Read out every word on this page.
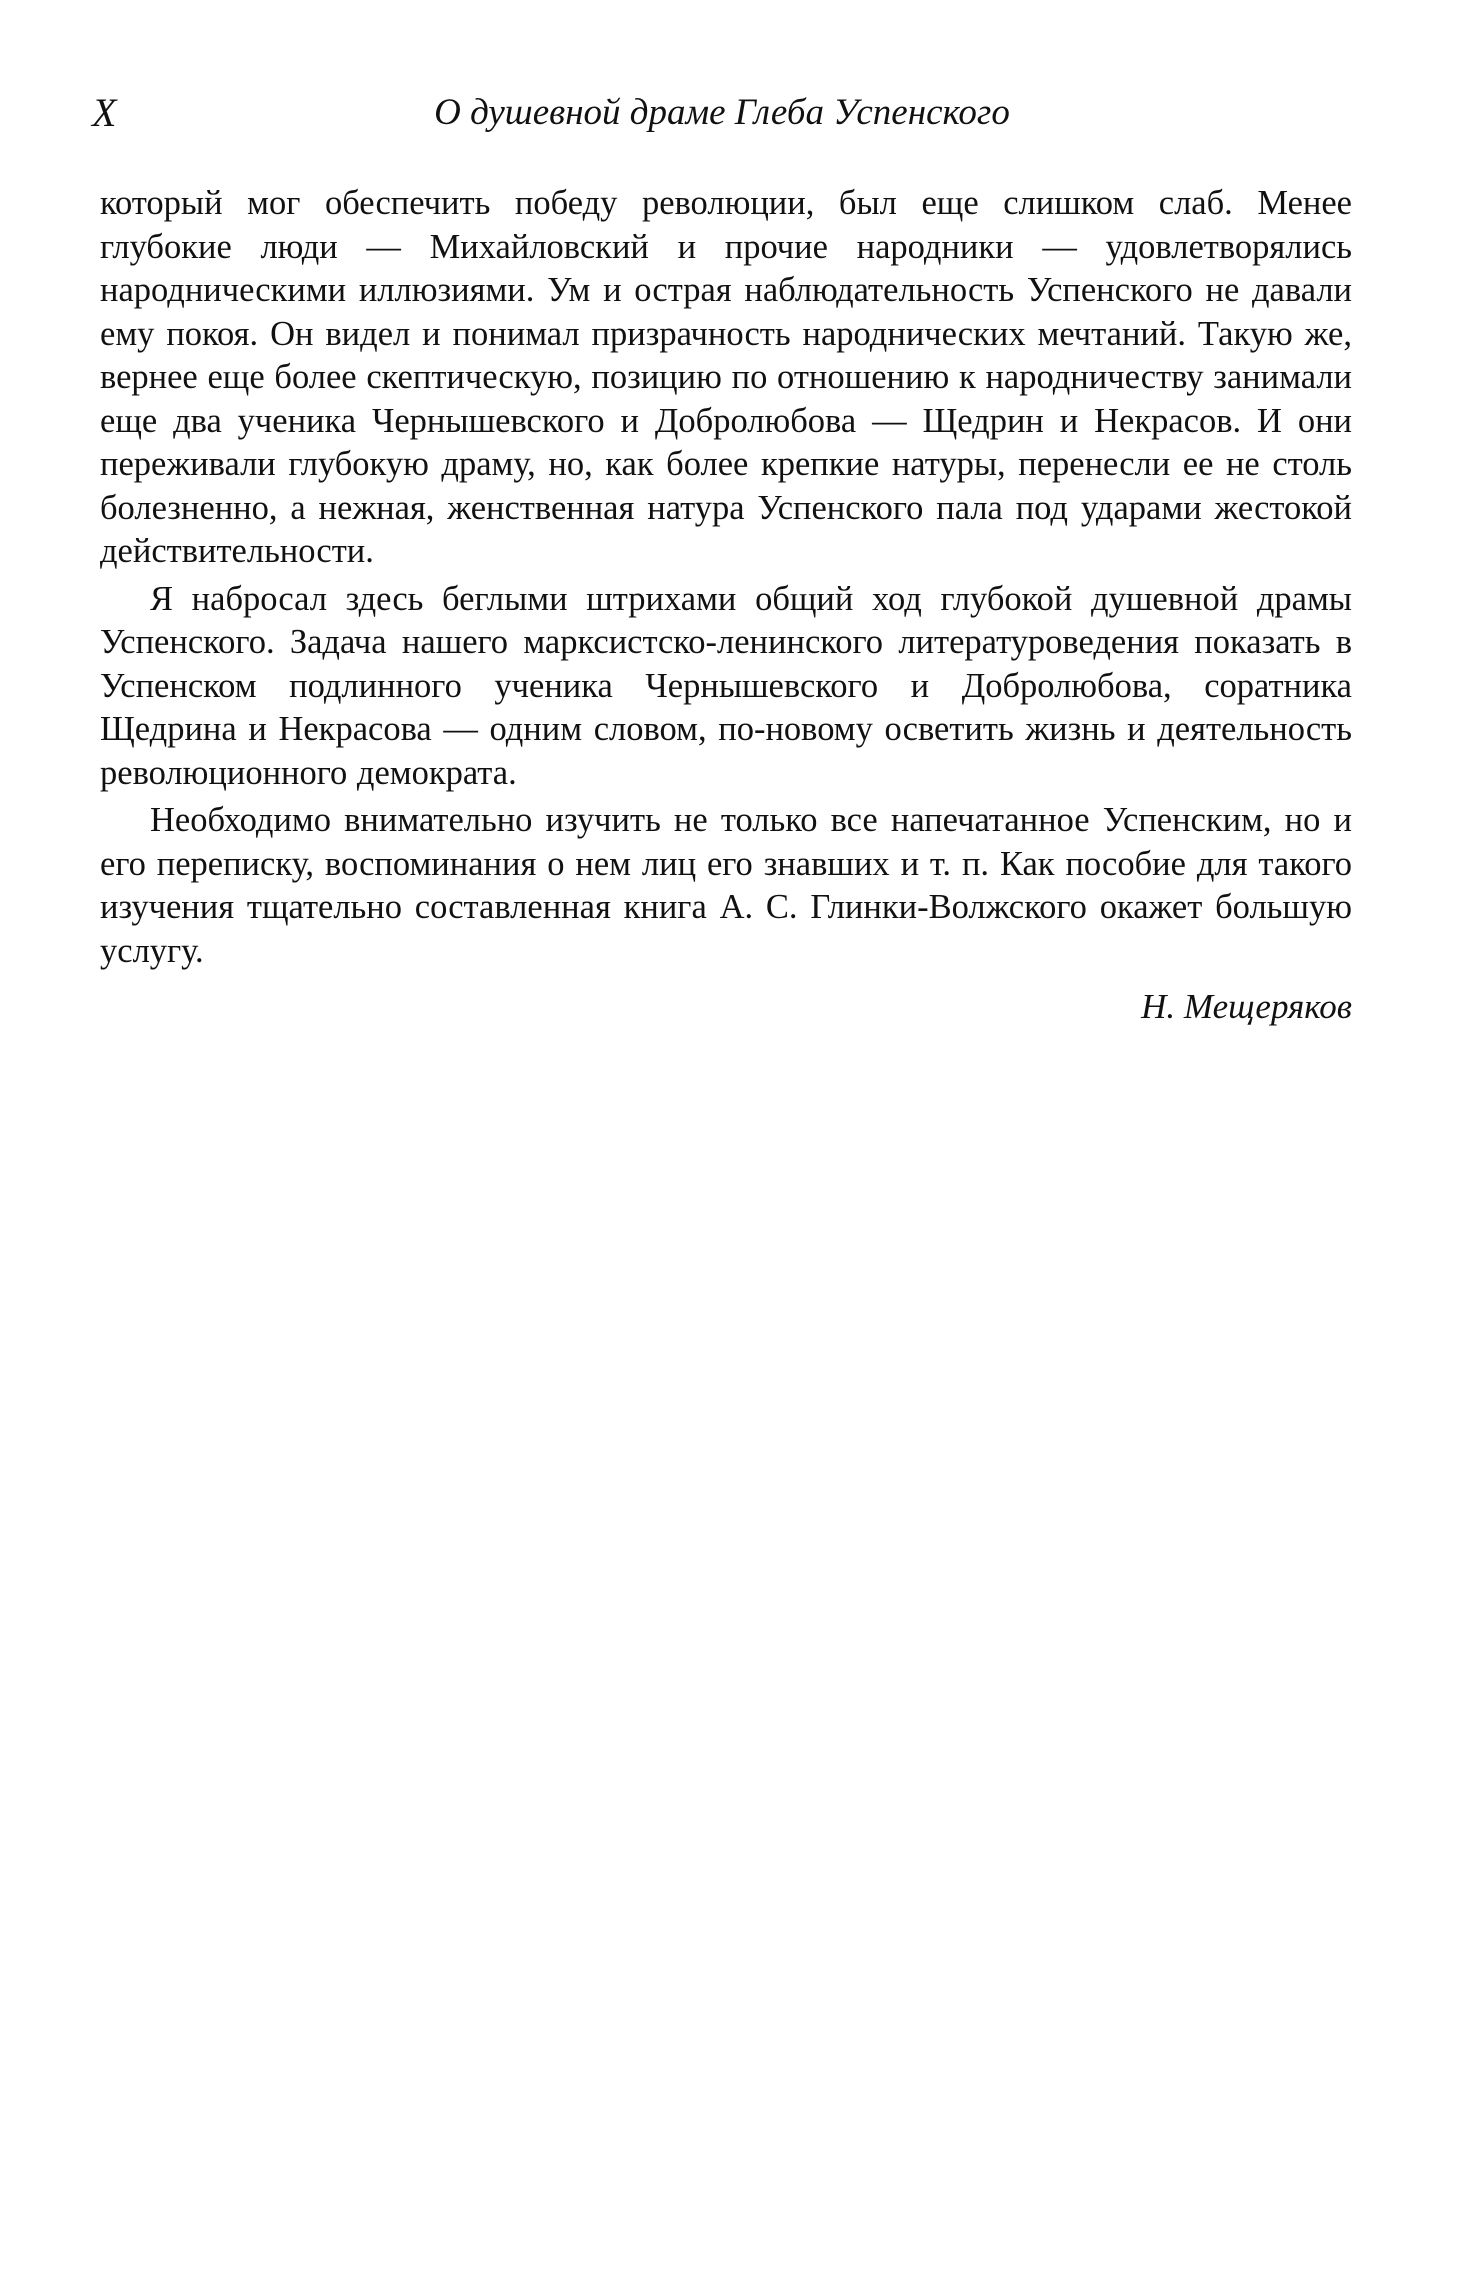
X	О душевной драме Глеба Успенского

который мог обеспечить победу революции, был еще слишком слаб. Менее глубокие люди — Михайловский и прочие народники — удовлетворялись народническими иллюзиями. Ум и острая наблюдательность Успенского не давали ему покоя. Он видел и понимал призрачность народнических мечтаний. Такую же, вернее еще более скептическую, позицию по отношению к народничеству занимали еще два ученика Чернышевского и Добролюбова — Щедрин и Некрасов. И они переживали глубокую драму, но, как более крепкие натуры, перенесли ее не столь болезненно, а нежная, женственная натура Успенского пала под ударами жестокой действительности.

Я набросал здесь беглыми штрихами общий ход глубокой душевной драмы Успенского. Задача нашего марксистско-ленинского литературоведения показать в Успенском подлинного ученика Чернышевского и Добролюбова, соратника Щедрина и Некрасова — одним словом, по-новому осветить жизнь и деятельность революционного демократа.

Необходимо внимательно изучить не только все напечатанное Успенским, но и его переписку, воспоминания о нем лиц его знавших и т. п. Как пособие для такого изучения тщательно составленная книга А. С. Глинки-Волжского окажет большую услугу.

Н. Мещеряков
